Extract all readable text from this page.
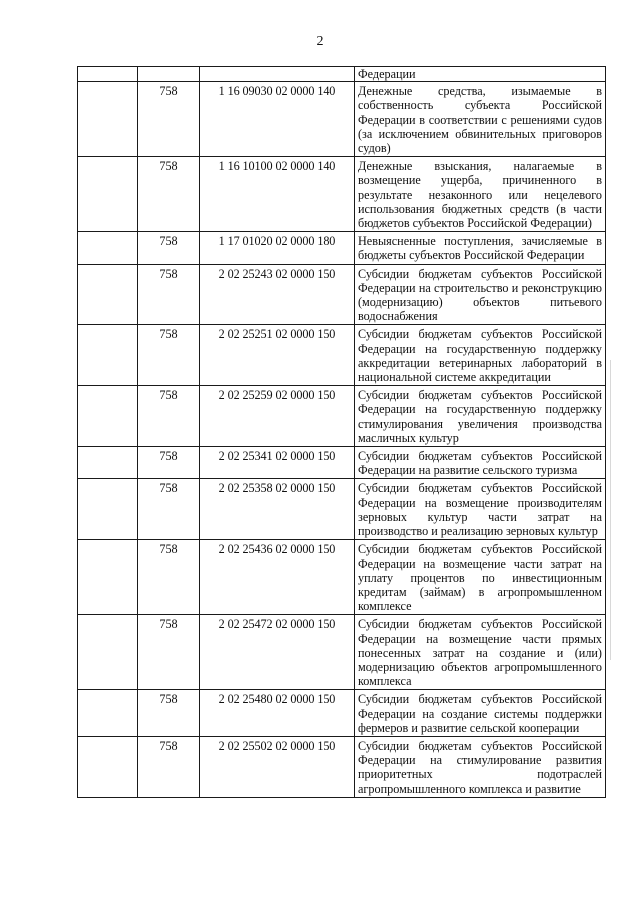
2
			Федерации
	758	1 16 09030 02 0000 140	Денежные средства, изымаемые в собственность субъекта Российской Федерации в соответствии с решениями судов (за исключением обвинительных приговоров судов)
	758	1 16 10100 02 0000 140	Денежные взыскания, налагаемые в возмещение ущерба, причиненного в результате незаконного или нецелевого использования бюджетных средств (в части бюджетов субъектов Российской Федерации)
	758	1 17 01020 02 0000 180	Невыясненные поступления, зачисляемые в бюджеты субъектов Российской Федерации
	758	2 02 25243 02 0000 150	Субсидии бюджетам субъектов Российской Федерации на строительство и реконструкцию (модернизацию) объектов питьевого водоснабжения
	758	2 02 25251 02 0000 150	Субсидии бюджетам субъектов Российской Федерации на государственную поддержку аккредитации ветеринарных лабораторий в национальной системе аккредитации
	758	2 02 25259 02 0000 150	Субсидии бюджетам субъектов Российской Федерации на государственную поддержку стимулирования увеличения производства масличных культур
	758	2 02 25341 02 0000 150	Субсидии бюджетам субъектов Российской Федерации на развитие сельского туризма
	758	2 02 25358 02 0000 150	Субсидии бюджетам субъектов Российской Федерации на возмещение производителям зерновых культур части затрат на производство и реализацию зерновых культур
	758	2 02 25436 02 0000 150	Субсидии бюджетам субъектов Российской Федерации на возмещение части затрат на уплату процентов по инвестиционным кредитам (займам) в агропромышленном комплексе
	758	2 02 25472 02 0000 150	Субсидии бюджетам субъектов Российской Федерации на возмещение части прямых понесенных затрат на создание и (или) модернизацию объектов агропромышленного комплекса
	758	2 02 25480 02 0000 150	Субсидии бюджетам субъектов Российской Федерации на создание системы поддержки фермеров и развитие сельской кооперации
	758	2 02 25502 02 0000 150	Субсидии бюджетам субъектов Российской Федерации на стимулирование развития приоритетных подотраслей агропромышленного комплекса и развитие
